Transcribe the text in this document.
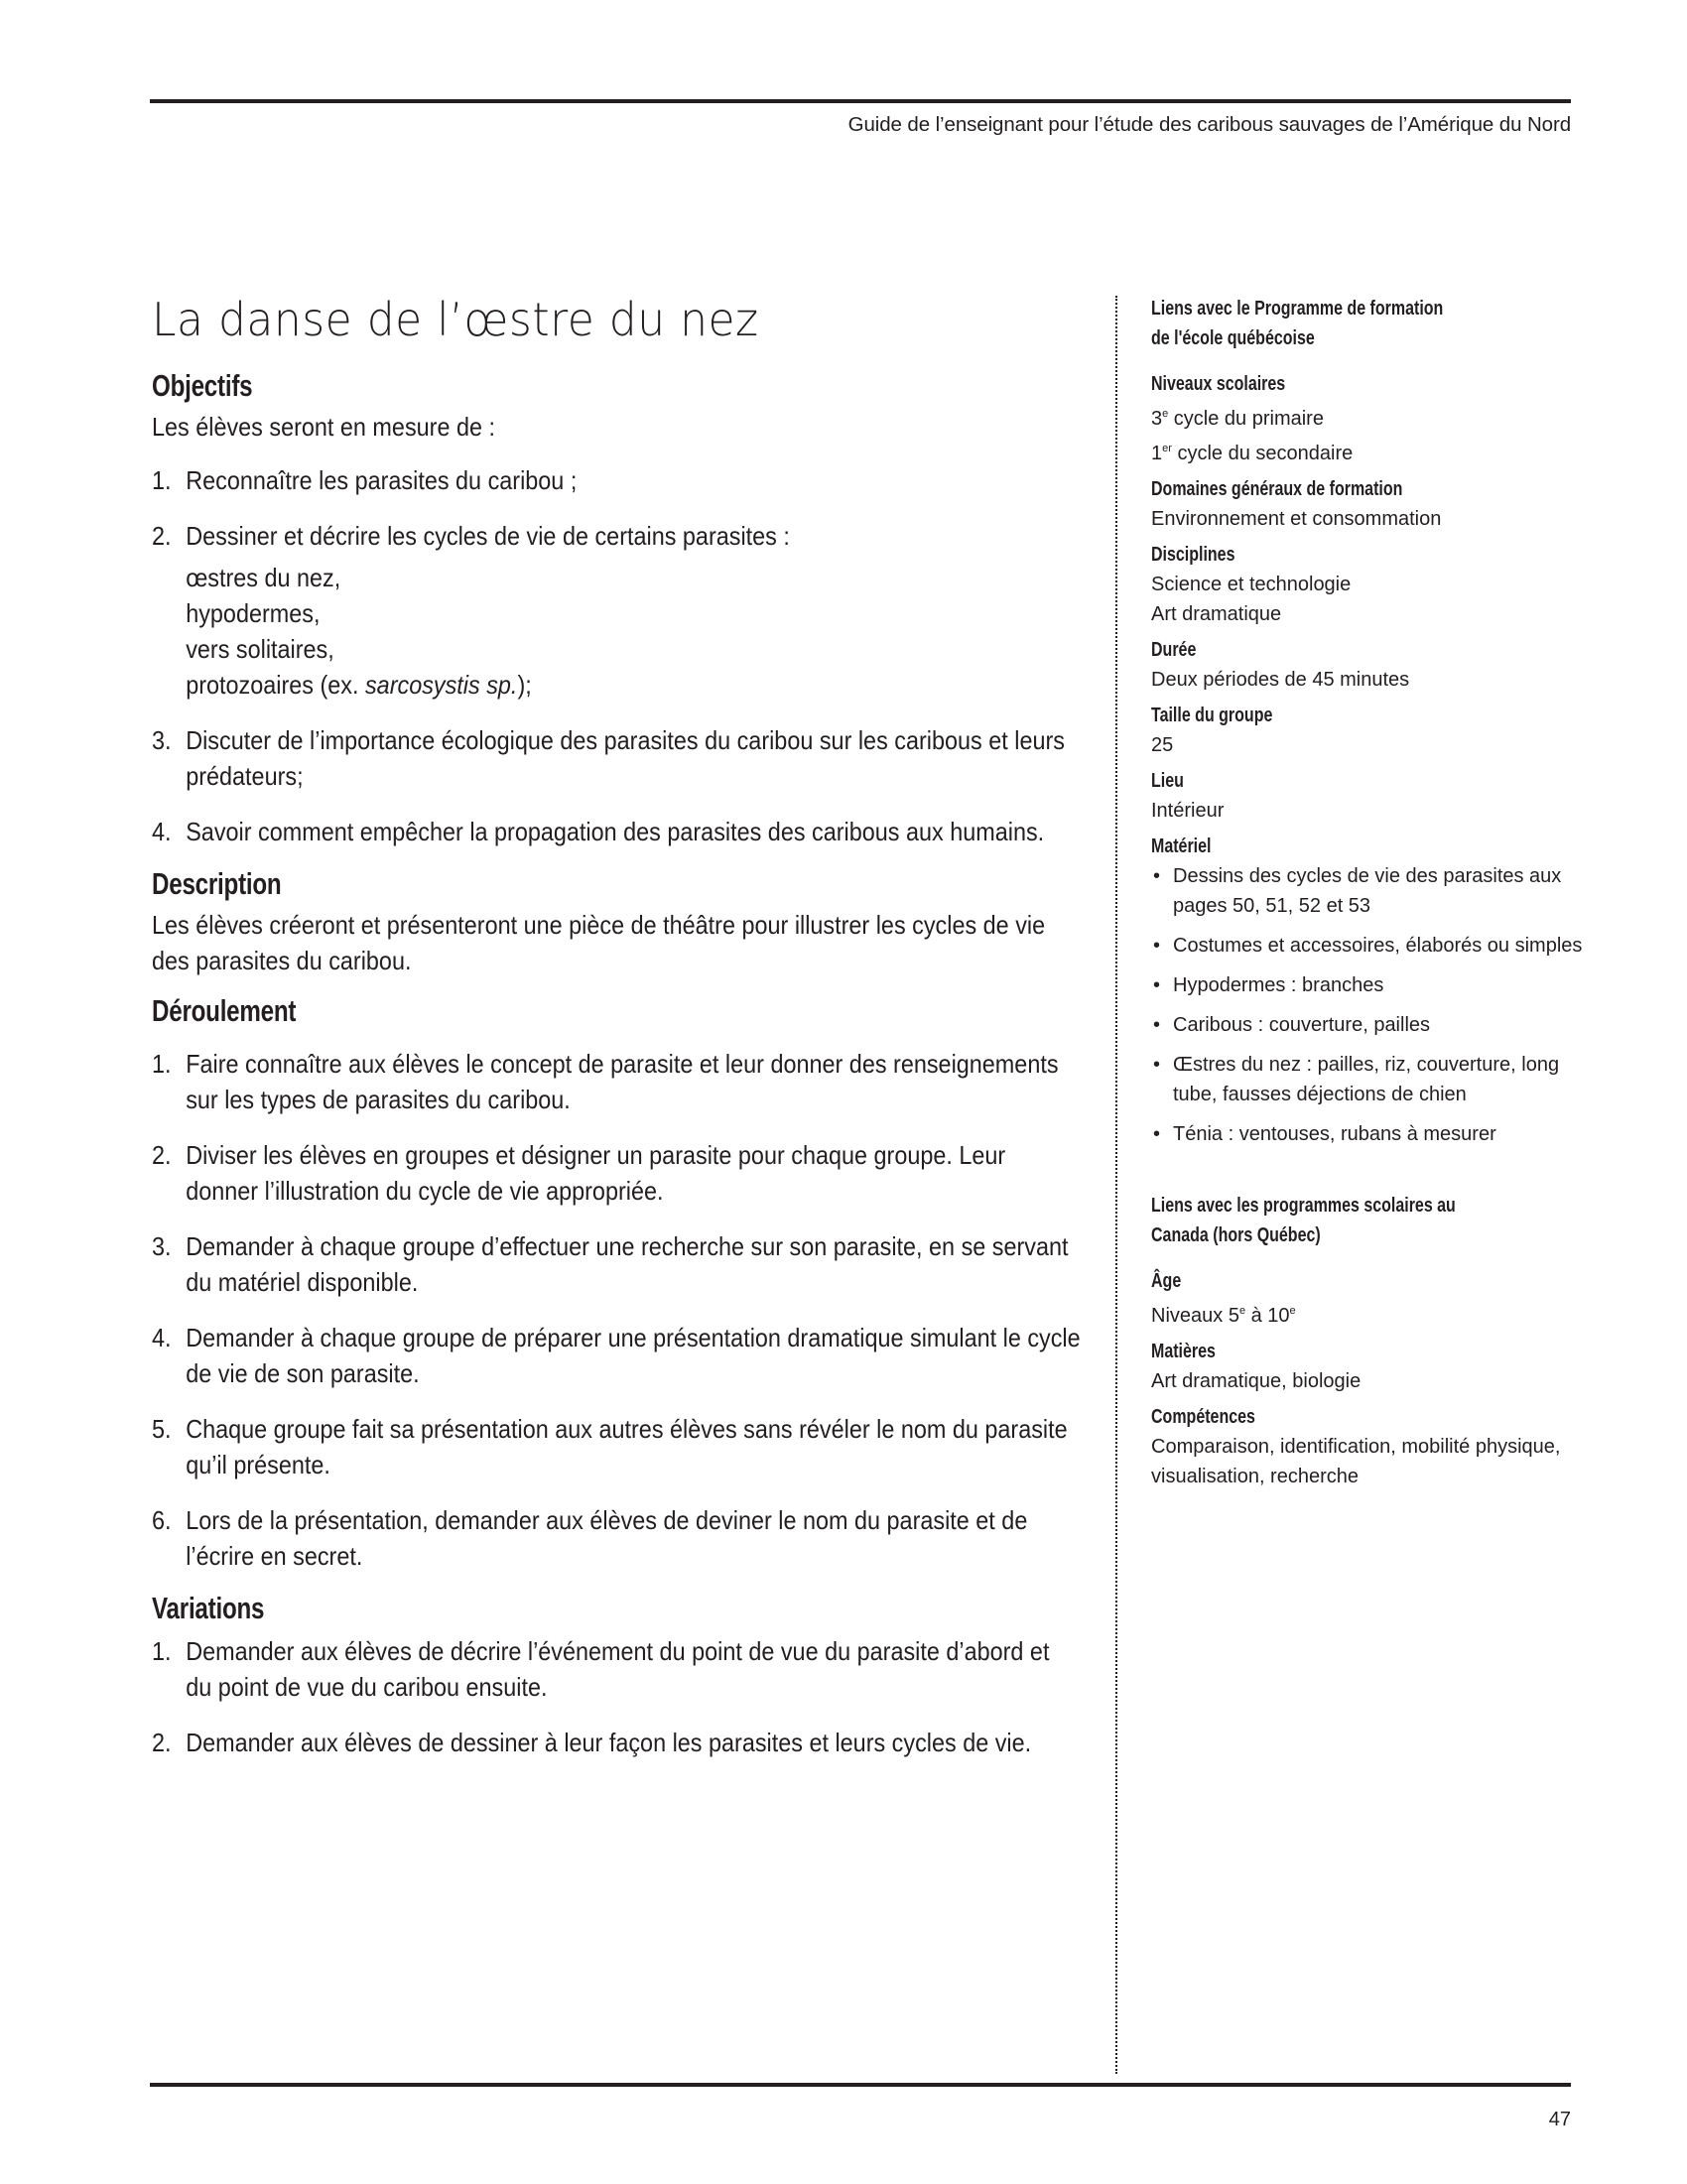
Guide de l’enseignant pour l’étude des caribous sauvages de l’Amérique du Nord
La danse de l’œstre du nez
Objectifs

Les élèves seront en mesure de :

1. Reconnaître les parasites du caribou ;
2. Dessiner et décrire les cycles de vie de certains parasites :
œstres du nez,
hypodermes,
vers solitaires,
protozoaires (ex. sarcosystis sp.);
3. Discuter de l’importance écologique des parasites du caribou sur les caribous et leurs prédateurs;
4. Savoir comment empêcher la propagation des parasites des caribous aux humains.
Description

Les élèves créeront et présenteront une pièce de théâtre pour illustrer les cycles de vie des parasites du caribou.

Déroulement
1. Faire connaître aux élèves le concept de parasite et leur donner des renseignements sur les types de parasites du caribou.
2. Diviser les élèves en groupes et désigner un parasite pour chaque groupe. Leur donner l’illustration du cycle de vie appropriée.
3. Demander à chaque groupe d’effectuer une recherche sur son parasite, en se servant du matériel disponible.
4. Demander à chaque groupe de préparer une présentation dramatique simulant le cycle de vie de son parasite.
5. Chaque groupe fait sa présentation aux autres élèves sans révéler le nom du parasite qu’il présente.
6. Lors de la présentation, demander aux élèves de deviner le nom du parasite et de l’écrire en secret.
Variations
1. Demander aux élèves de décrire l’événement du point de vue du parasite d’abord et du point de vue du caribou ensuite.
2. Demander aux élèves de dessiner à leur façon les parasites et leurs cycles de vie.

Liens avec le Programme de formation

de l'école québécoise

Niveaux scolaires

3e cycle du primaire

1er cycle du secondaire

Domaines généraux de formation

Environnement et consommation

Disciplines

Science et technologie

Art dramatique

Durée

Deux périodes de 45 minutes

Taille du groupe

25

Lieu

Intérieur

Matériel

• Dessins des cycles de vie des parasites aux pages 50, 51, 52 et 53
• Costumes et accessoires, élaborés ou simples
• Hypodermes : branches
• Caribous : couverture, pailles
• Œstres du nez : pailles, riz, couverture, long tube, fausses déjections de chien
• Ténia : ventouses, rubans à mesurer

Liens avec les programmes scolaires au

Canada (hors Québec)

Âge

Niveaux 5e à 10e

Matières

Art dramatique, biologie

Compétences

Comparaison, identification, mobilité physique, visualisation, recherche

47
